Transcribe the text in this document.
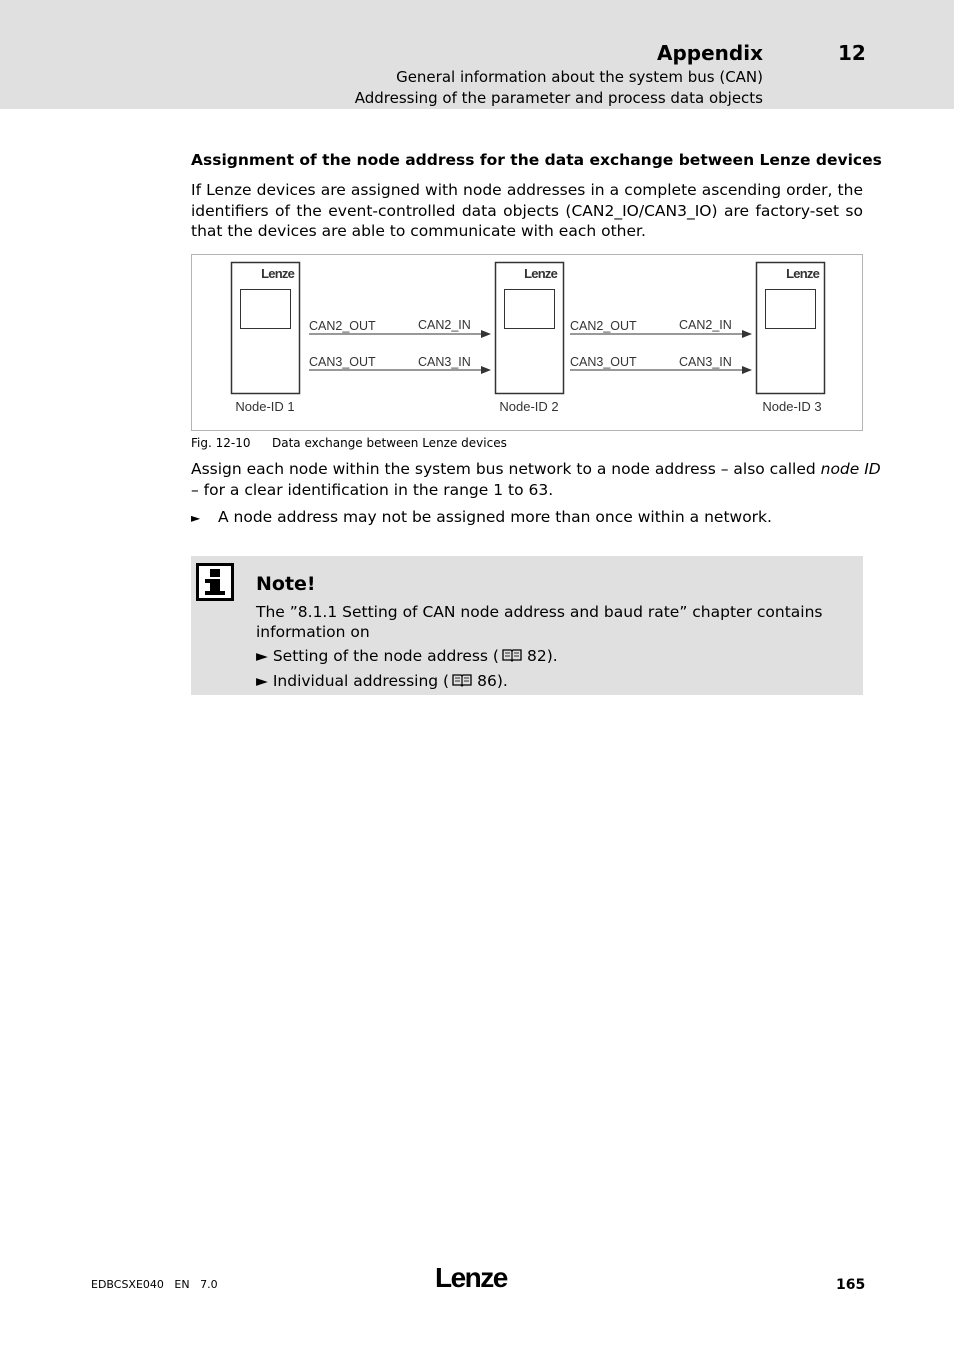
Appendix	12
General information about the system bus (CAN)
Addressing of the parameter and process data objects
Assignment of the node address for the data exchange between Lenze devices
If Lenze devices are assigned with node addresses in a complete ascending order, the identifiers of the event-controlled data objects (CAN2_IO/CAN3_IO) are factory-set so that the devices are able to communicate with each other.
Lenze
Node-ID 1
Lenze
Node-ID 2
Lenze
Node-ID 3
CAN2_OUT	CAN2_IN
CAN3_OUT	CAN3_IN
CAN2_OUT	CAN2_IN
CAN3_OUT	CAN3_IN
Fig. 12-10 Data exchange between Lenze devices
Assign each node within the system bus network to a node address – also called node ID
– for a clear identification in the range 1 to 63.
► A node address may not be assigned more than once within a network.
Note!
The ”8.1.1 Setting of CAN node address and baud rate” chapter contains
information on
► Setting of the node address ( 82).
► Individual addressing ( 86).
EDBCSXE040 EN 7.0	Lenze	165
